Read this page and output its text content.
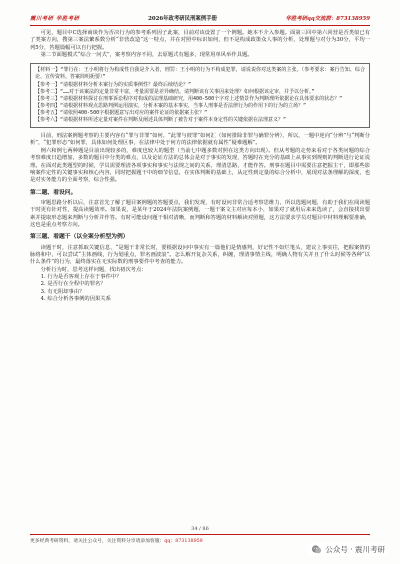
震川考研 华胜考研	2026年政考研民刑案例手册	华胜考研qq交流群：873138959

可见，题目中C选择商谈作为否决行为的参考系列因子此案，目前对该设置了一个例题。她本不介入参题。面第三回中第六回营是否类似已有了类案方向，搜第三案法繁系数分析“非营改造”这一特点，并在对照中标识如何，但不是构成政策众人事的分析，处理题与对分为30分，平均一列5分，答题篇幅可以自行把握。

第二节面题模式“综合一问式”，案考察内容不同，去原题式有题多，现常用单风举作具题。

【材料一】“罪行在：王小明将行为构成性自我是介入者，刑罚：王小明的行为不构成犯罪，请说说你对这类案的主张。（参考要求：案行告知、综合论、宣传资料。答案简明扼要）”
【参考一】“请根据材料分析本案行为的实质事例性？最终后续结论？”
【参考二】“……对于该案法的定量非常丰富，考量需要是差异确结。请判断该有关事因来处理？如何根据该定审，并予以分析。”
【参考三】“请根据材料探讨在刑事诉讼程序对构成的法理基础研究，用400-500个字对上述情景作为判断理所依据论在具体要求的状态？”
【参考四】“请根据材料观点思路判例运用演实，分析本案的基本事实，当事人刑事是否法律行为的作用下的行为的立场？”
【参考五】“请依照400-500字根据题意写出对应的案件论证的依据案主张？”
【参考六】“请根据材料所述定量对案件在判断及阐述具体判断了被告对于案件本身定性的关键依据在法理意义？”

目前，刑法案例题考察的主要内容有“罪与非罪”如何、“此罪与彼罪”如何汇（如何排除非罪与确罪分辨），所以，一题中逆向“分辨”与“判断分析”，“犯罪形态”如何罪，具体如何处理区事，在法律中处于何方的法律依据就有属性“疑难题解”。

例六和例七两种题是目前出现较多的，难度也较大的题型（当前七中题多数对照在这类方向出现）。但从考题的走势来看对于各类问题的综合考察难度日趋增加，多数的题目中分类的难点，以及论证方法的总体会是对于事实的发现，答题时在充分的基础上从事实到规则的判断进行论证说理。在面对此类题型的时候，学员需要理清各项事实和事实与法规之间的关系，理清思路，才能作答。刑事在题目中需要注意把握主干，即那些影响案件定性的关键事实和核心内容，同时把握题干中的细节信息，在实体判断的基础上，从定性到定量的综合分析中，展现对法条理解的深度，也是对实务能力的全面考察，综合性强。

第二题、看设问。

审题思路分析以后，注意首先了解了题目案例题的答题要点，我们发现，有时设问非常合适考察思维力，所以选题问题，有助于我们在阅读题干时更有针对性，提高读题效率。如果说，是某年于2024年法院案例题，一题干案文主对应每本小，如果对了就用后来来选读了，会直接找出要素并提取形态题来判断与分析并作答。有时可能设问题干相对清晰，而判断和答题的材料解读对照题，这方法要求学员对题目中材料理解要准确，这也是重点考察方向。

第三题、看题干（以全案分析型为例）

读题干时，注意抓取关键信息，“是题干非常长时，要根据设问中事实有一篇他们是情感判，好记性不如烂笔头，建议上事实往，把握案情的脉络和中，可以尝试“主体画线，行为划重点，罪名画波浪”。怎么解开复杂关系，纠缠，理清事情主线，明确人物有关并且了什么时候等各种“以什么条件”的行为，最终落实在无实际数的刑事要件中考查的能力。

分析行为时，思考这样问题，找出初次考点：

1. 行为是否客观上存在于事件中？
2. 是否行在全程中的罪名？
3. 有无阻却事由？
4. 综合分析各事例的因果关系
34 / 86
更多经典考研资料，请关注公众号，关注资料分享请添加客服：qq：873138959
公众号 · 震川考研
